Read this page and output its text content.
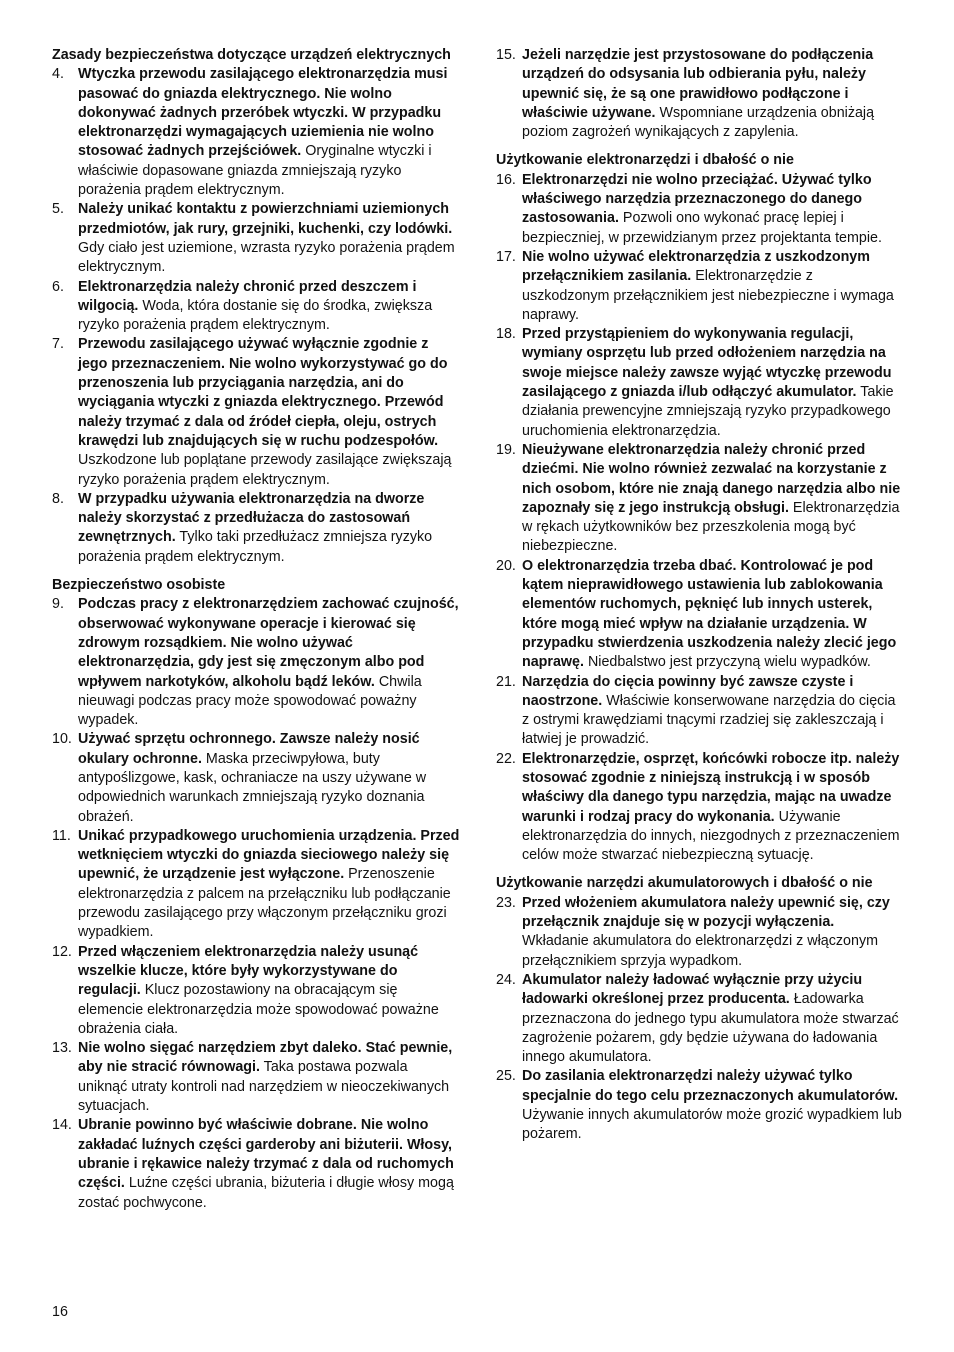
Zasady bezpieczeństwa dotyczące urządzeń elektrycznych
4. Wtyczka przewodu zasilającego elektronarzędzia musi pasować do gniazda elektrycznego. Nie wolno dokonywać żadnych przeróbek wtyczki. W przypadku elektronarzędzi wymagających uziemienia nie wolno stosować żadnych przejściówek. Oryginalne wtyczki i właściwie dopasowane gniazda zmniejszają ryzyko porażenia prądem elektrycznym.
5. Należy unikać kontaktu z powierzchniami uziemionych przedmiotów, jak rury, grzejniki, kuchenki, czy lodówki. Gdy ciało jest uziemione, wzrasta ryzyko porażenia prądem elektrycznym.
6. Elektronarzędzia należy chronić przed deszczem i wilgocią. Woda, która dostanie się do środka, zwiększa ryzyko porażenia prądem elektrycznym.
7. Przewodu zasilającego używać wyłącznie zgodnie z jego przeznaczeniem. Nie wolno wykorzystywać go do przenoszenia lub przyciągania narzędzia, ani do wyciągania wtyczki z gniazda elektrycznego. Przewód należy trzymać z dala od źródeł ciepła, oleju, ostrych krawędzi lub znajdujących się w ruchu podzespołów. Uszkodzone lub poplątane przewody zasilające zwiększają ryzyko porażenia prądem elektrycznym.
8. W przypadku używania elektronarzędzia na dworze należy skorzystać z przedłużacza do zastosowań zewnętrznych. Tylko taki przedłużacz zmniejsza ryzyko porażenia prądem elektrycznym.
Bezpieczeństwo osobiste
9. Podczas pracy z elektronarzędziem zachować czujność, obserwować wykonywane operacje i kierować się zdrowym rozsądkiem. Nie wolno używać elektronarzędzia, gdy jest się zmęczonym albo pod wpływem narkotyków, alkoholu bądź leków. Chwila nieuwagi podczas pracy może spowodować poważny wypadek.
10. Używać sprzętu ochronnego. Zawsze należy nosić okulary ochronne. Maska przeciwpyłowa, buty antypoślizgowe, kask, ochraniacze na uszy używane w odpowiednich warunkach zmniejszają ryzyko doznania obrażeń.
11. Unikać przypadkowego uruchomienia urządzenia. Przed wetknięciem wtyczki do gniazda sieciowego należy się upewnić, że urządzenie jest wyłączone. Przenoszenie elektronarzędzia z palcem na przełączniku lub podłączanie przewodu zasilającego przy włączonym przełączniku grozi wypadkiem.
12. Przed włączeniem elektronarzędzia należy usunąć wszelkie klucze, które były wykorzystywane do regulacji. Klucz pozostawiony na obracającym się elemencie elektronarzędzia może spowodować poważne obrażenia ciała.
13. Nie wolno sięgać narzędziem zbyt daleko. Stać pewnie, aby nie stracić równowagi. Taka postawa pozwala uniknąć utraty kontroli nad narzędziem w nieoczekiwanych sytuacjach.
14. Ubranie powinno być właściwie dobrane. Nie wolno zakładać luźnych części garderoby ani biżuterii. Włosy, ubranie i rękawice należy trzymać z dala od ruchomych części. Luźne części ubrania, biżuteria i długie włosy mogą zostać pochwycone.
15. Jeżeli narzędzie jest przystosowane do podłączenia urządzeń do odsysania lub odbierania pyłu, należy upewnić się, że są one prawidłowo podłączone i właściwie używane. Wspomniane urządzenia obniżają poziom zagrożeń wynikających z zapylenia.
Użytkowanie elektronarzędzi i dbałość o nie
16. Elektronarzędzi nie wolno przeciążać. Używać tylko właściwego narzędzia przeznaczonego do danego zastosowania. Pozwoli ono wykonać pracę lepiej i bezpieczniej, w przewidzianym przez projektanta tempie.
17. Nie wolno używać elektronarzędzia z uszkodzonym przełącznikiem zasilania. Elektronarzędzie z uszkodzonym przełącznikiem jest niebezpieczne i wymaga naprawy.
18. Przed przystąpieniem do wykonywania regulacji, wymiany osprzętu lub przed odłożeniem narzędzia na swoje miejsce należy zawsze wyjąć wtyczkę przewodu zasilającego z gniazda i/lub odłączyć akumulator. Takie działania prewencyjne zmniejszają ryzyko przypadkowego uruchomienia elektronarzędzia.
19. Nieużywane elektronarzędzia należy chronić przed dziećmi. Nie wolno również zezwalać na korzystanie z nich osobom, które nie znają danego narzędzia albo nie zapoznały się z jego instrukcją obsługi. Elektronarzędzia w rękach użytkowników bez przeszkolenia mogą być niebezpieczne.
20. O elektronarzędzia trzeba dbać. Kontrolować je pod kątem nieprawidłowego ustawienia lub zablokowania elementów ruchomych, pęknięć lub innych usterek, które mogą mieć wpływ na działanie urządzenia. W przypadku stwierdzenia uszkodzenia należy zlecić jego naprawę. Niedbalstwo jest przyczyną wielu wypadków.
21. Narzędzia do cięcia powinny być zawsze czyste i naostrzone. Właściwie konserwowane narzędzia do cięcia z ostrymi krawędziami tnącymi rzadziej się zakleszczają i łatwiej je prowadzić.
22. Elektronarzędzie, osprzęt, końcówki robocze itp. należy stosować zgodnie z niniejszą instrukcją i w sposób właściwy dla danego typu narzędzia, mając na uwadze warunki i rodzaj pracy do wykonania. Używanie elektronarzędzia do innych, niezgodnych z przeznaczeniem celów może stwarzać niebezpieczną sytuację.
Użytkowanie narzędzi akumulatorowych i dbałość o nie
23. Przed włożeniem akumulatora należy upewnić się, czy przełącznik znajduje się w pozycji wyłączenia. Wkładanie akumulatora do elektronarzędzi z włączonym przełącznikiem sprzyja wypadkom.
24. Akumulator należy ładować wyłącznie przy użyciu ładowarki określonej przez producenta. Ładowarka przeznaczona do jednego typu akumulatora może stwarzać zagrożenie pożarem, gdy będzie używana do ładowania innego akumulatora.
25. Do zasilania elektronarzędzi należy używać tylko specjalnie do tego celu przeznaczonych akumulatorów. Używanie innych akumulatorów może grozić wypadkiem lub pożarem.
16
